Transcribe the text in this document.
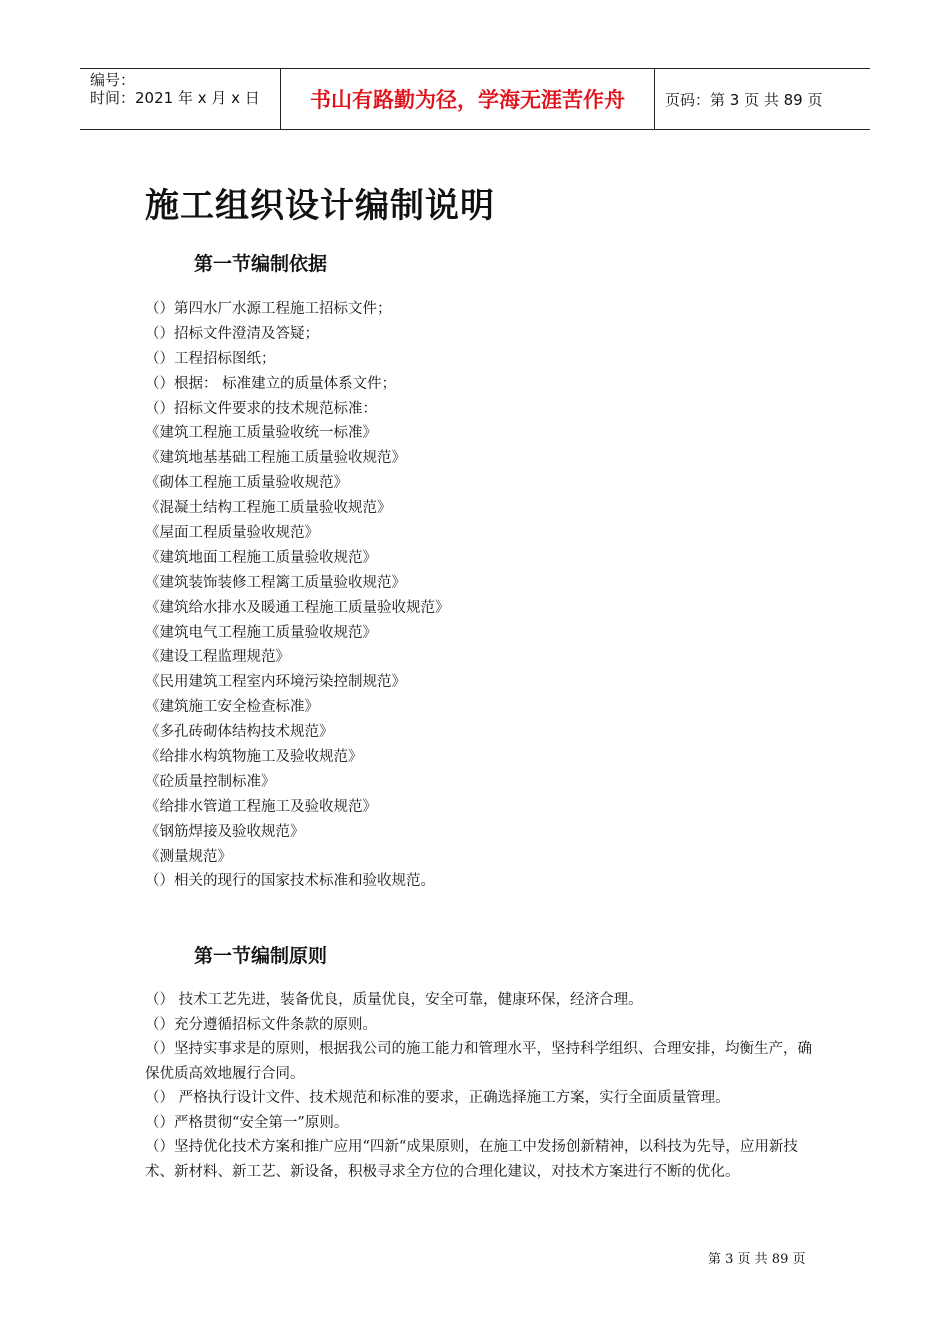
编号：
时间：2021 年 x 月 x 日	书山有路勤为径，学海无涯苦作舟	页码：第 3 页 共 89 页
施工组织设计编制说明
第一节编制依据
（）第四水厂水源工程施工招标文件；
（）招标文件澄清及答疑；
（）工程招标图纸；
（）根据： 标准建立的质量体系文件；
（）招标文件要求的技术规范标准：
《建筑工程施工质量验收统一标准》
《建筑地基基础工程施工质量验收规范》
《砌体工程施工质量验收规范》
《混凝土结构工程施工质量验收规范》
《屋面工程质量验收规范》
《建筑地面工程施工质量验收规范》
《建筑装饰装修工程篱工质量验收规范》
《建筑给水排水及暖通工程施工质量验收规范》
《建筑电气工程施工质量验收规范》
《建设工程监理规范》
《民用建筑工程室内环境污染控制规范》
《建筑施工安全检查标准》
《多孔砖砌体结构技术规范》
《给排水构筑物施工及验收规范》
《砼质量控制标准》
《给排水管道工程施工及验收规范》
《钢筋焊接及验收规范》
《测量规范》
（）相关的现行的国家技术标准和验收规范。
第一节编制原则
（） 技术工艺先进，装备优良，质量优良，安全可靠，健康环保，经济合理。
（）充分遵循招标文件条款的原则。
（）坚持实事求是的原则，根据我公司的施工能力和管理水平，坚持科学组织、合理安排，均衡生产，确保优质高效地履行合同。
（） 严格执行设计文件、技术规范和标准的要求，正确选择施工方案，实行全面质量管理。
（）严格贯彻“安全第一”原则。
（）坚持优化技术方案和推广应用“四新“成果原则，在施工中发扬创新精神，以科技为先导，应用新技术、新材料、新工艺、新设备，积极寻求全方位的合理化建议，对技术方案进行不断的优化。
第 3 页 共 89 页
